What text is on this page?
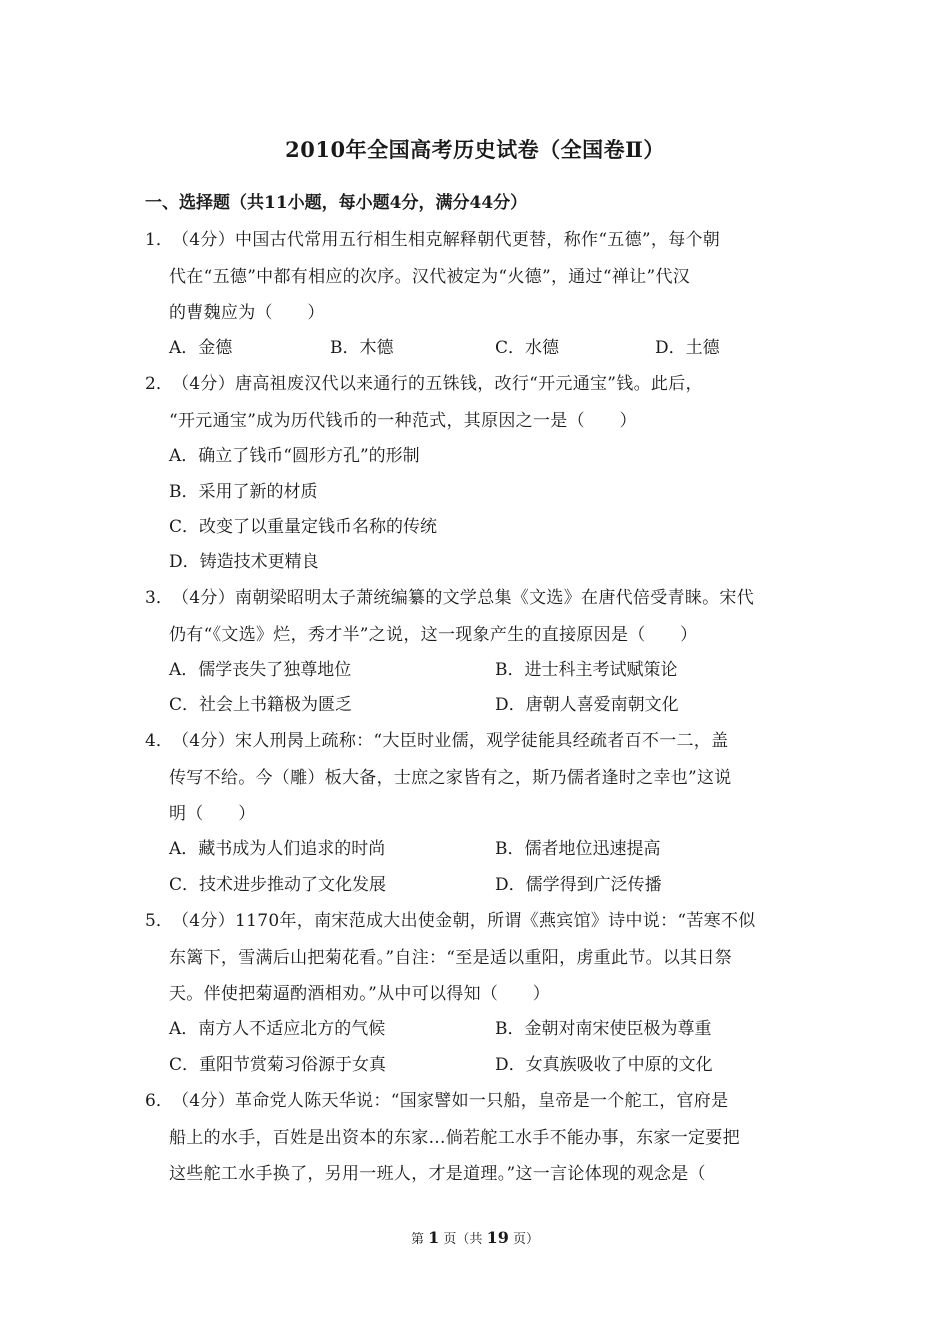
2010年全国高考历史试卷（全国卷Ⅱ）
一、选择题（共11小题，每小题4分，满分44分）
1． （4分）中国古代常用五行相生相克解释朝代更替，称作“五德”，每个朝
代在“五德”中都有相应的次序。汉代被定为“火德”，通过“禅让”代汉
的曹魏应为（　　）
A．金德	B．木德	C．水德	D．土德
2． （4分）唐高祖废汉代以来通行的五铢钱，改行“开元通宝”钱。此后，
“开元通宝”成为历代钱币的一种范式，其原因之一是（　　）
A．确立了钱币“圆形方孔”的形制
B．采用了新的材质
C．改变了以重量定钱币名称的传统
D．铸造技术更精良
3． （4分）南朝梁昭明太子萧统编纂的文学总集《文选》在唐代倍受青睐。宋代
仍有“《文选》烂，秀才半”之说，这一现象产生的直接原因是（　　）
A．儒学丧失了独尊地位	B．进士科主考试赋策论
C．社会上书籍极为匮乏	D．唐朝人喜爱南朝文化
4． （4分）宋人刑昺上疏称：“大臣时业儒，观学徒能具经疏者百不一二，盖
传写不给。今（雕）板大备，士庶之家皆有之，斯乃儒者逢时之幸也”这说
明（　　）
A．藏书成为人们追求的时尚	B．儒者地位迅速提高
C．技术进步推动了文化发展	D．儒学得到广泛传播
5． （4分）1170年，南宋范成大出使金朝，所谓《燕宾馆》诗中说：“苦寒不似
东篱下，雪满后山把菊花看。”自注：“至是适以重阳，虏重此节。以其日祭
天。伴使把菊逼酌酒相劝。”从中可以得知（　　）
A．南方人不适应北方的气候	B．金朝对南宋使臣极为尊重
C．重阳节赏菊习俗源于女真	D．女真族吸收了中原的文化
6． （4分）革命党人陈天华说：“国家譬如一只船，皇帝是一个舵工，官府是
船上的水手，百姓是出资本的东家…倘若舵工水手不能办事，东家一定要把
这些舵工水手换了，另用一班人，才是道理。”这一言论体现的观念是（
第 1 页（共 19 页）
